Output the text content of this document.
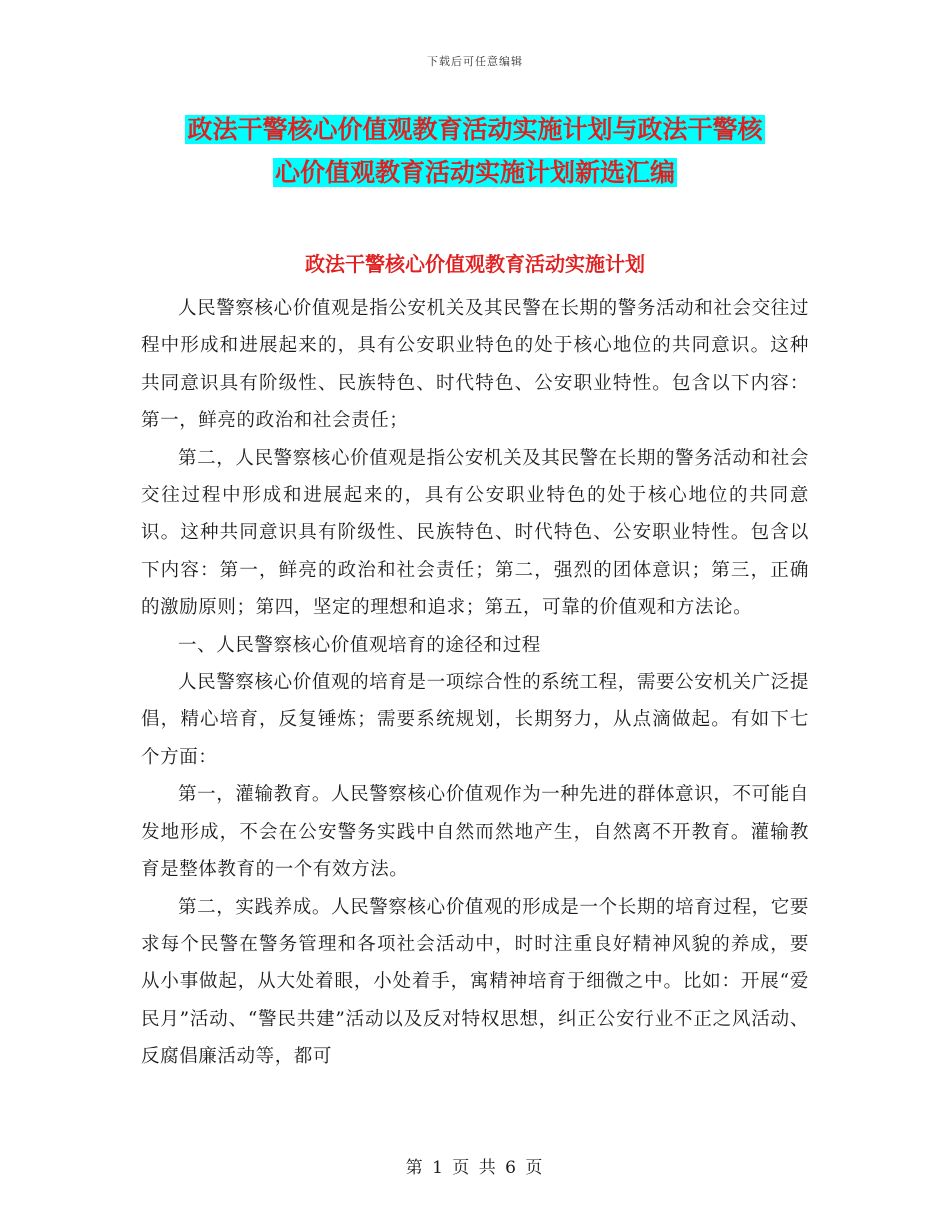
下载后可任意编辑
政法干警核心价值观教育活动实施计划与政法干警核
心价值观教育活动实施计划新选汇编
政法干警核心价值观教育活动实施计划

人民警察核心价值观是指公安机关及其民警在长期的警务活动和社会交往过程中形成和进展起来的，具有公安职业特色的处于核心地位的共同意识。这种共同意识具有阶级性、民族特色、时代特色、公安职业特性。包含以下内容：第一，鲜亮的政治和社会责任；

第二，人民警察核心价值观是指公安机关及其民警在长期的警务活动和社会交往过程中形成和进展起来的，具有公安职业特色的处于核心地位的共同意识。这种共同意识具有阶级性、民族特色、时代特色、公安职业特性。包含以下内容：第一，鲜亮的政治和社会责任；第二，强烈的团体意识；第三，正确的激励原则；第四，坚定的理想和追求；第五，可靠的价值观和方法论。

一、人民警察核心价值观培育的途径和过程

人民警察核心价值观的培育是一项综合性的系统工程，需要公安机关广泛提倡，精心培育，反复锤炼；需要系统规划，长期努力，从点滴做起。有如下七个方面：

第一，灌输教育。人民警察核心价值观作为一种先进的群体意识，不可能自发地形成，不会在公安警务实践中自然而然地产生，自然离不开教育。灌输教育是整体教育的一个有效方法。

第二，实践养成。人民警察核心价值观的形成是一个长期的培育过程，它要求每个民警在警务管理和各项社会活动中，时时注重良好精神风貌的养成，要从小事做起，从大处着眼，小处着手，寓精神培育于细微之中。比如：开展“爱民月”活动、“警民共建”活动以及反对特权思想，纠正公安行业不正之风活动、反腐倡廉活动等，都可

第 1 页 共 6 页
